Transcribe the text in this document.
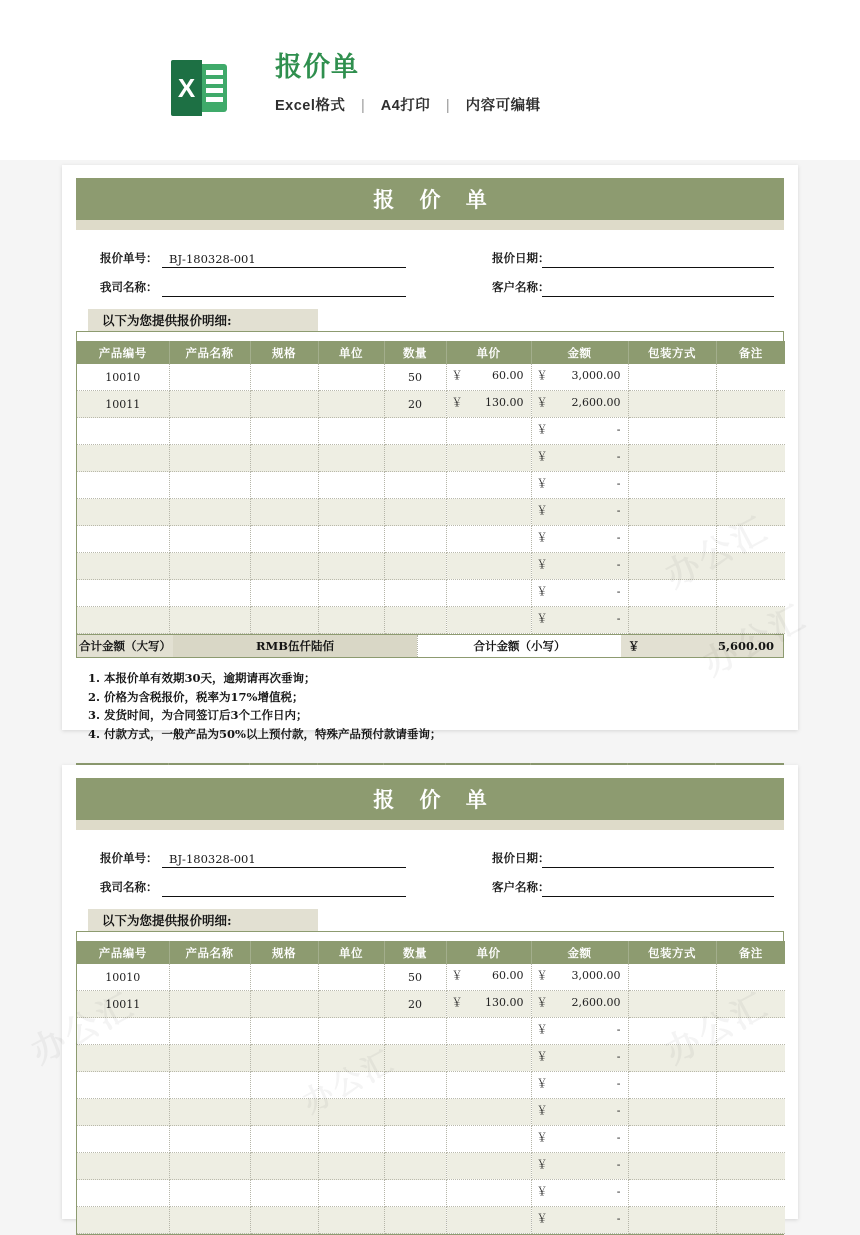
X
报价单
Excel格式 | A4打印 | 内容可编辑
报 价 单
报价单号：	BJ-180328-001	报价日期：
我司名称：	客户名称：
以下为您提供报价明细:
产品编号	产品名称	规格	单位	数量	单价	金额	包装方式	备注
10010				50	￥ 60.00	￥ 3,000.00		

10011				20	￥ 130.00	￥ 2,600.00		

						￥ -		

						￥ -		

						￥ -		

						￥ -		

						￥ -		

						￥ -		

						￥ -		

						￥ -		

合计金额（大写）	RMB伍仟陆佰	合计金额（小写）	￥	5,600.00
1. 本报价单有效期30天，逾期请再次垂询；
2. 价格为含税报价，税率为17%增值税；
3. 发货时间，为合同签订后3个工作日内；
4. 付款方式，一般产品为50%以上预付款，特殊产品预付款请垂询；
报 价 单
报价单号：	BJ-180328-001	报价日期：
我司名称：	客户名称：
以下为您提供报价明细:
产品编号	产品名称	规格	单位	数量	单价	金额	包装方式	备注
10010				50	￥ 60.00	￥ 3,000.00		

10011				20	￥ 130.00	￥ 2,600.00		

						￥ -		

						￥ -		

						￥ -		

						￥ -		

						￥ -		

						￥ -		

						￥ -		

						￥ -		
